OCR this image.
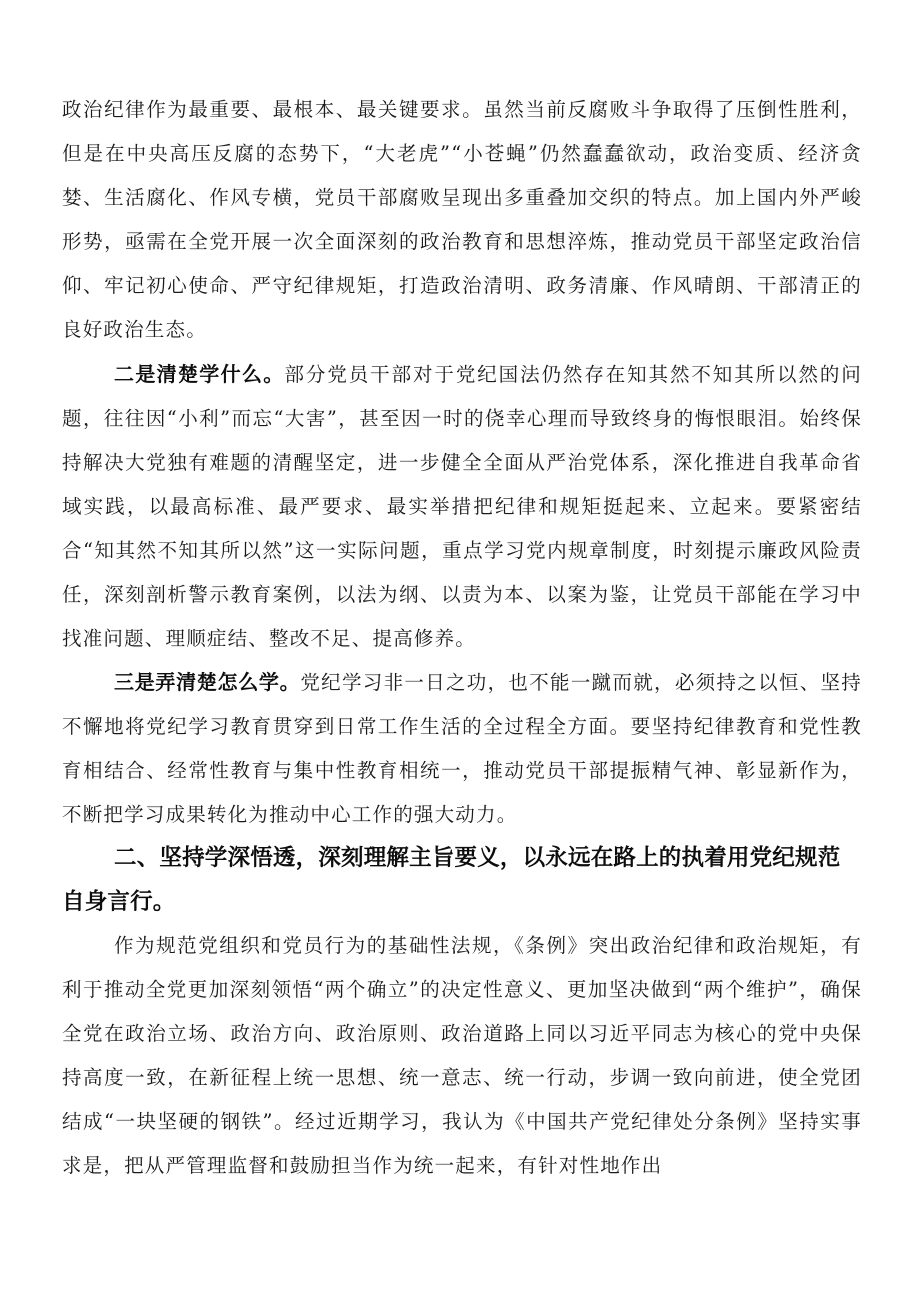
政治纪律作为最重要、最根本、最关键要求。虽然当前反腐败斗争取得了压倒性胜利，但是在中央高压反腐的态势下，“大老虎”“小苍蝇”仍然蠢蠢欲动，政治变质、经济贪婪、生活腐化、作风专横，党员干部腐败呈现出多重叠加交织的特点。加上国内外严峻形势，亟需在全党开展一次全面深刻的政治教育和思想淬炼，推动党员干部坚定政治信仰、牢记初心使命、严守纪律规矩，打造政治清明、政务清廉、作风晴朗、干部清正的良好政治生态。
二是清楚学什么。部分党员干部对于党纪国法仍然存在知其然不知其所以然的问题，往往因“小利”而忘“大害”，甚至因一时的侥幸心理而导致终身的悔恨眼泪。始终保持解决大党独有难题的清醒坚定，进一步健全全面从严治党体系，深化推进自我革命省域实践，以最高标准、最严要求、最实举措把纪律和规矩挺起来、立起来。要紧密结合“知其然不知其所以然”这一实际问题，重点学习党内规章制度，时刻提示廉政风险责任，深刻剖析警示教育案例，以法为纲、以责为本、以案为鉴，让党员干部能在学习中找准问题、理顺症结、整改不足、提高修养。
三是弄清楚怎么学。党纪学习非一日之功，也不能一蹴而就，必须持之以恒、坚持不懈地将党纪学习教育贯穿到日常工作生活的全过程全方面。要坚持纪律教育和党性教育相结合、经常性教育与集中性教育相统一，推动党员干部提振精气神、彰显新作为，不断把学习成果转化为推动中心工作的强大动力。
二、坚持学深悟透，深刻理解主旨要义，以永远在路上的执着用党纪规范自身言行。
作为规范党组织和党员行为的基础性法规，《条例》突出政治纪律和政治规矩，有利于推动全党更加深刻领悟“两个确立”的决定性意义、更加坚决做到“两个维护”，确保全党在政治立场、政治方向、政治原则、政治道路上同以习近平同志为核心的党中央保持高度一致，在新征程上统一思想、统一意志、统一行动，步调一致向前进，使全党团结成“一块坚硬的钢铁”。经过近期学习，我认为《中国共产党纪律处分条例》坚持实事求是，把从严管理监督和鼓励担当作为统一起来，有针对性地作出
